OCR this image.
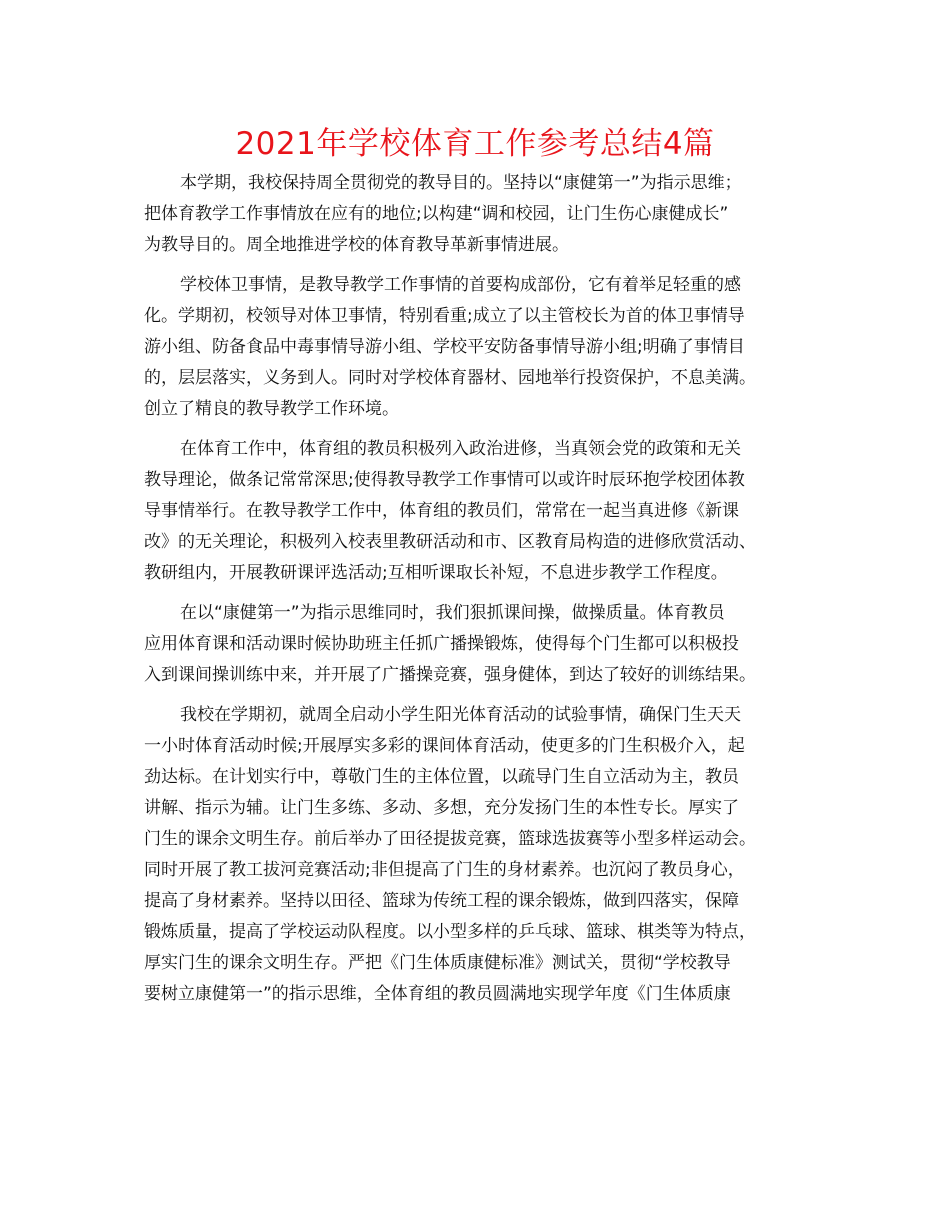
2021年学校体育工作参考总结4篇
本学期，我校保持周全贯彻党的教导目的。坚持以“康健第一”为指示思维；
把体育教学工作事情放在应有的地位;以构建“调和校园，让门生伤心康健成长”
为教导目的。周全地推进学校的体育教导革新事情进展。
学校体卫事情，是教导教学工作事情的首要构成部份，它有着举足轻重的感
化。学期初，校领导对体卫事情，特别看重;成立了以主管校长为首的体卫事情导
游小组、防备食品中毒事情导游小组、学校平安防备事情导游小组;明确了事情目
的，层层落实，义务到人。同时对学校体育器材、园地举行投资保护，不息美满。
创立了精良的教导教学工作环境。
在体育工作中，体育组的教员积极列入政治进修，当真领会党的政策和无关
教导理论，做条记常常深思;使得教导教学工作事情可以或许时辰环抱学校团体教
导事情举行。在教导教学工作中，体育组的教员们，常常在一起当真进修《新课
改》的无关理论，积极列入校表里教研活动和市、区教育局构造的进修欣赏活动、
教研组内，开展教研课评选活动;互相听课取长补短，不息进步教学工作程度。
在以“康健第一”为指示思维同时，我们狠抓课间操，做操质量。体育教员
应用体育课和活动课时候协助班主任抓广播操锻炼，使得每个门生都可以积极投
入到课间操训练中来，并开展了广播操竞赛，强身健体，到达了较好的训练结果。
我校在学期初，就周全启动小学生阳光体育活动的试验事情，确保门生天天
一小时体育活动时候;开展厚实多彩的课间体育活动，使更多的门生积极介入，起
劲达标。在计划实行中，尊敬门生的主体位置，以疏导门生自立活动为主，教员
讲解、指示为辅。让门生多练、多动、多想，充分发扬门生的本性专长。厚实了
门生的课余文明生存。前后举办了田径提拔竞赛，篮球选拔赛等小型多样运动会。
同时开展了教工拔河竞赛活动;非但提高了门生的身材素养。也沉闷了教员身心，
提高了身材素养。坚持以田径、篮球为传统工程的课余锻炼，做到四落实，保障
锻炼质量，提高了学校运动队程度。以小型多样的乒乓球、篮球、棋类等为特点，
厚实门生的课余文明生存。严把《门生体质康健标准》测试关，贯彻“学校教导
要树立康健第一”的指示思维，全体育组的教员圆满地实现学年度《门生体质康
